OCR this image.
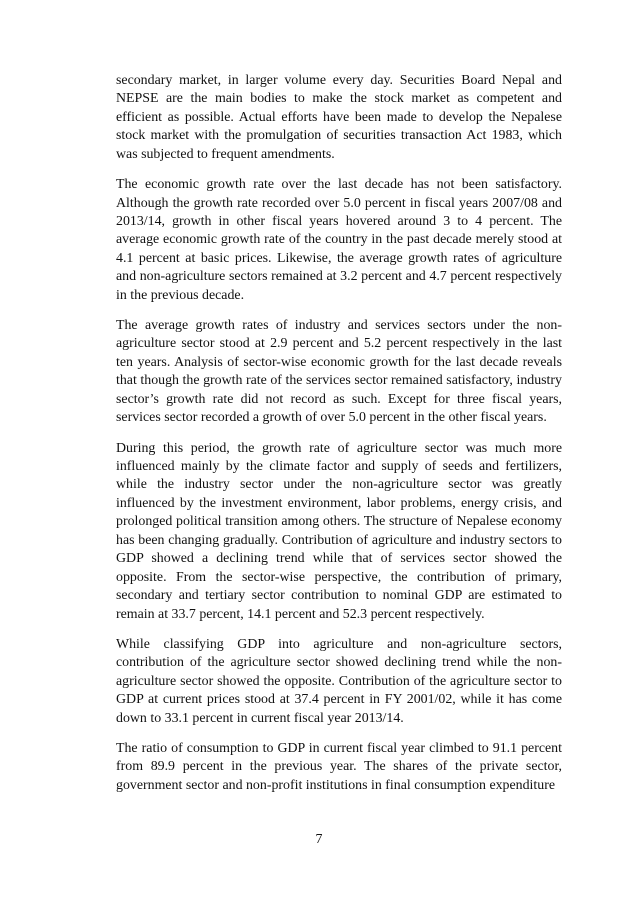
secondary market, in larger volume every day. Securities Board Nepal and NEPSE are the main bodies to make the stock market as competent and efficient as possible. Actual efforts have been made to develop the Nepalese stock market with the promulgation of securities transaction Act 1983, which was subjected to frequent amendments.

The economic growth rate over the last decade has not been satisfactory. Although the growth rate recorded over 5.0 percent in fiscal years 2007/08 and 2013/14, growth in other fiscal years hovered around 3 to 4 percent. The average economic growth rate of the country in the past decade merely stood at 4.1 percent at basic prices. Likewise, the average growth rates of agriculture and non-agriculture sectors remained at 3.2 percent and 4.7 percent respectively in the previous decade.

The average growth rates of industry and services sectors under the non-agriculture sector stood at 2.9 percent and 5.2 percent respectively in the last ten years. Analysis of sector-wise economic growth for the last decade reveals that though the growth rate of the services sector remained satisfactory, industry sector’s growth rate did not record as such. Except for three fiscal years, services sector recorded a growth of over 5.0 percent in the other fiscal years.

During this period, the growth rate of agriculture sector was much more influenced mainly by the climate factor and supply of seeds and fertilizers, while the industry sector under the non-agriculture sector was greatly influenced by the investment environment, labor problems, energy crisis, and prolonged political transition among others. The structure of Nepalese economy has been changing gradually. Contribution of agriculture and industry sectors to GDP showed a declining trend while that of services sector showed the opposite. From the sector-wise perspective, the contribution of primary, secondary and tertiary sector contribution to nominal GDP are estimated to remain at 33.7 percent, 14.1 percent and 52.3 percent respectively.

While classifying GDP into agriculture and non-agriculture sectors, contribution of the agriculture sector showed declining trend while the non-agriculture sector showed the opposite. Contribution of the agriculture sector to GDP at current prices stood at 37.4 percent in FY 2001/02, while it has come down to 33.1 percent in current fiscal year 2013/14.

The ratio of consumption to GDP in current fiscal year climbed to 91.1 percent from 89.9 percent in the previous year. The shares of the private sector, government sector and non-profit institutions in final consumption expenditure

7
